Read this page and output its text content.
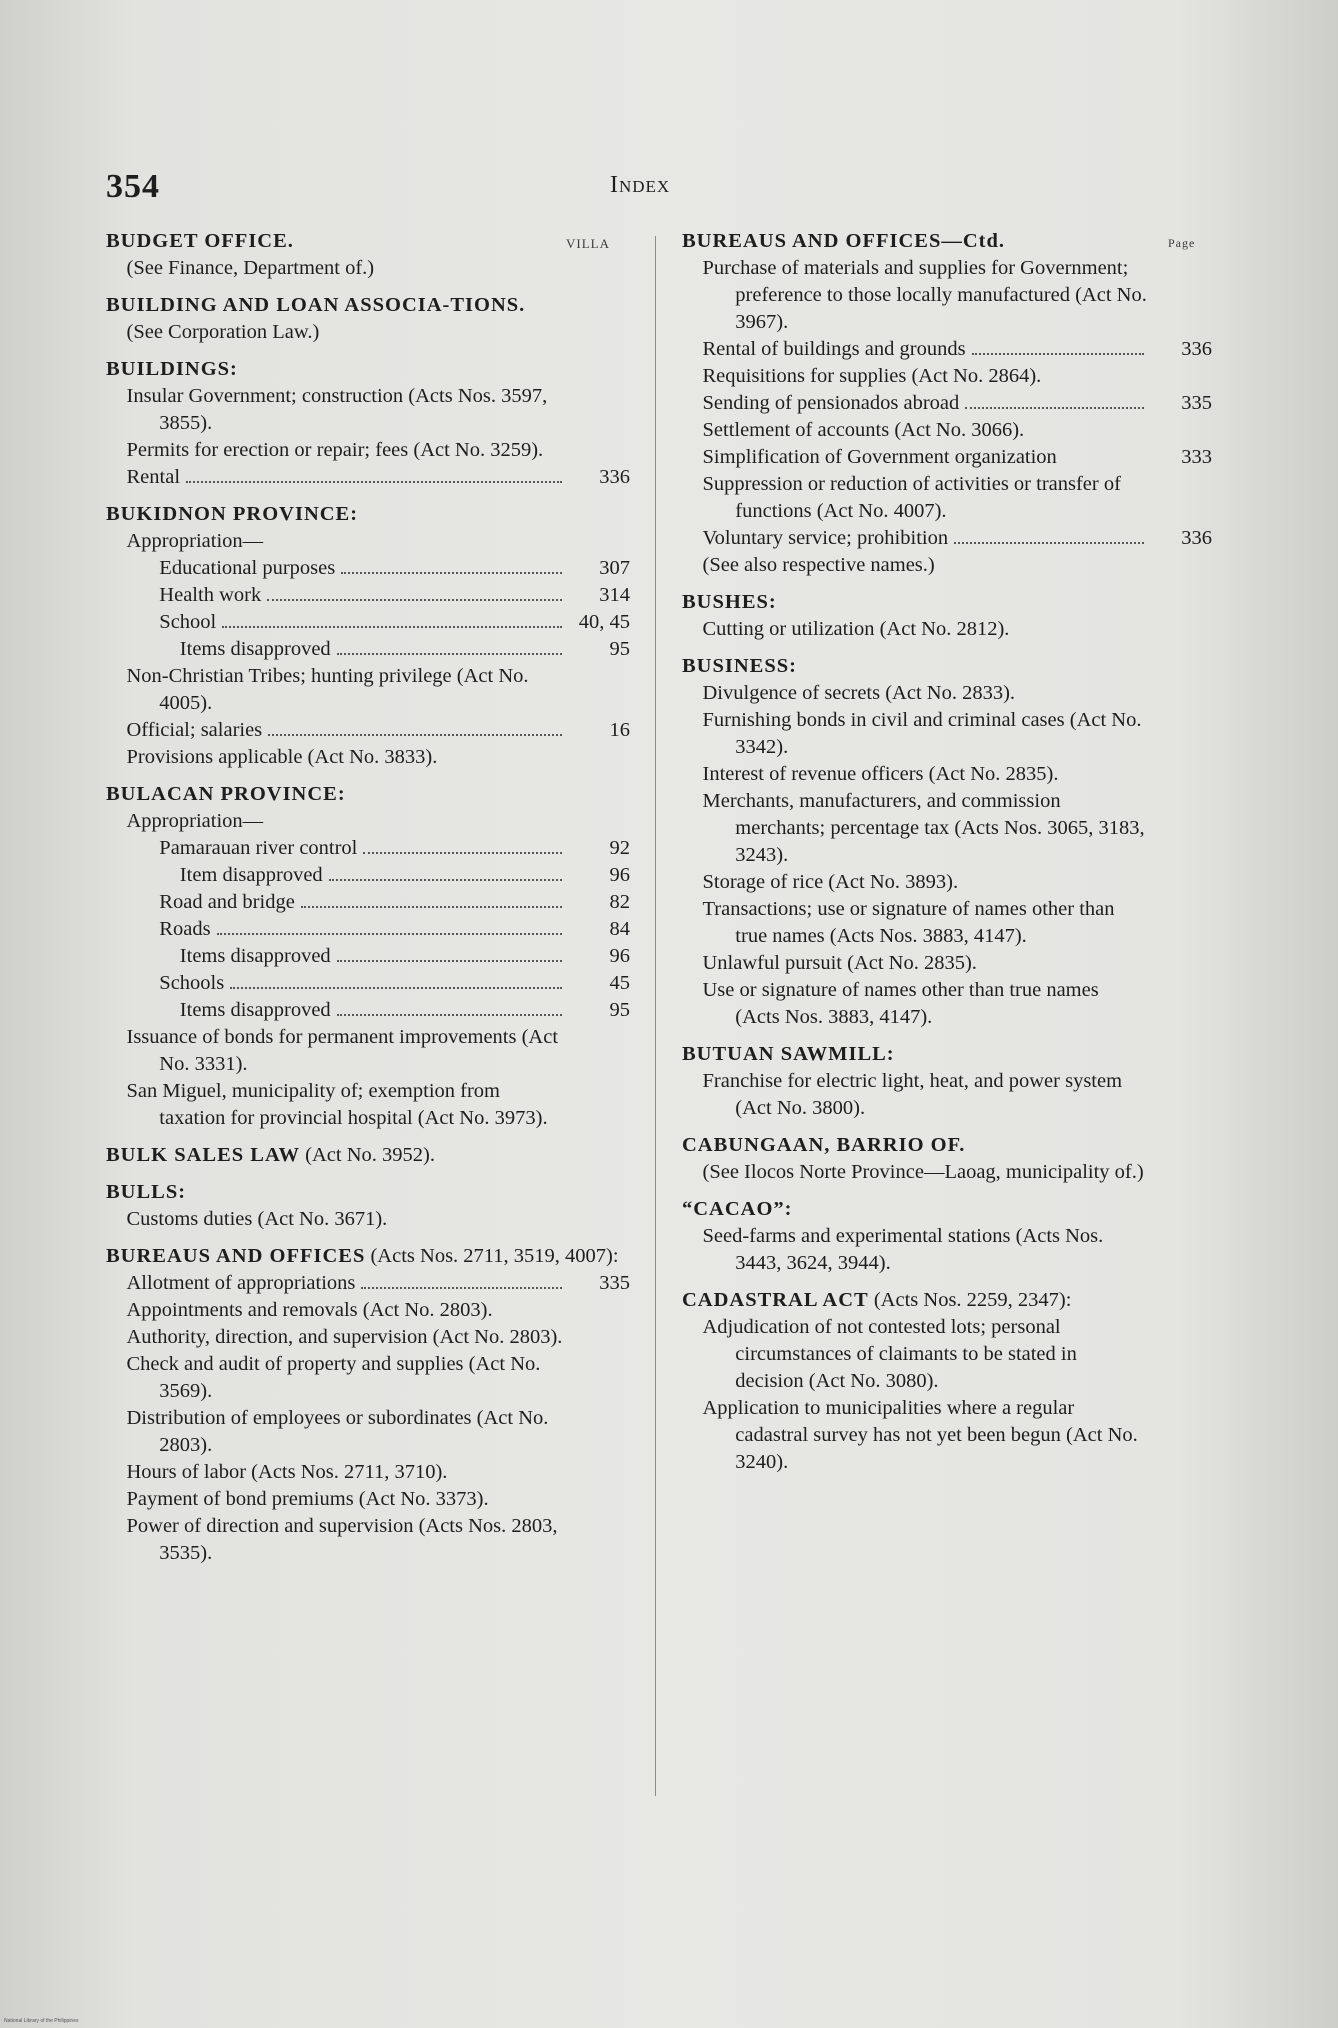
354	Index
VILLA	Page
BUDGET OFFICE.
(See Finance, Department of.)
BUILDING AND LOAN ASSOCIA-TIONS.
(See Corporation Law.)
BUILDINGS:
Insular Government; construction (Acts Nos. 3597, 3855).
Permits for erection or repair; fees (Act No. 3259).
Rental	336
BUKIDNON PROVINCE:
Appropriation—
Educational purposes	307
Health work	314
School	40, 45
Items disapproved	95
Non-Christian Tribes; hunting privilege (Act No. 4005).
Official; salaries	16
Provisions applicable (Act No. 3833).
BULACAN PROVINCE:
Appropriation—
Pamarauan river control	92
Item disapproved	96
Road and bridge	82
Roads	84
Items disapproved	96
Schools	45
Items disapproved	95
Issuance of bonds for permanent improvements (Act No. 3331).
San Miguel, municipality of; exemption from taxation for provincial hospital (Act No. 3973).
BULK SALES LAW (Act No. 3952).
BULLS:
Customs duties (Act No. 3671).
BUREAUS AND OFFICES (Acts Nos. 2711, 3519, 4007):
Allotment of appropriations	335
Appointments and removals (Act No. 2803).
Authority, direction, and supervision (Act No. 2803).
Check and audit of property and supplies (Act No. 3569).
Distribution of employees or subordinates (Act No. 2803).
Hours of labor (Acts Nos. 2711, 3710).
Payment of bond premiums (Act No. 3373).
Power of direction and supervision (Acts Nos. 2803, 3535).
BUREAUS AND OFFICES—Ctd.
Purchase of materials and supplies for Government; preference to those locally manufactured (Act No. 3967).
Rental of buildings and grounds	336
Requisitions for supplies (Act No. 2864).
Sending of pensionados abroad	335
Settlement of accounts (Act No. 3066).
Simplification of Government organization	333
Suppression or reduction of activities or transfer of functions (Act No. 4007).
Voluntary service; prohibition	336
(See also respective names.)
BUSHES:
Cutting or utilization (Act No. 2812).
BUSINESS:
Divulgence of secrets (Act No. 2833).
Furnishing bonds in civil and criminal cases (Act No. 3342).
Interest of revenue officers (Act No. 2835).
Merchants, manufacturers, and commission merchants; percentage tax (Acts Nos. 3065, 3183, 3243).
Storage of rice (Act No. 3893).
Transactions; use or signature of names other than true names (Acts Nos. 3883, 4147).
Unlawful pursuit (Act No. 2835).
Use or signature of names other than true names (Acts Nos. 3883, 4147).
BUTUAN SAWMILL:
Franchise for electric light, heat, and power system (Act No. 3800).
CABUNGAAN, BARRIO OF.
(See Ilocos Norte Province—Laoag, municipality of.)
“CACAO”:
Seed-farms and experimental stations (Acts Nos. 3443, 3624, 3944).
CADASTRAL ACT (Acts Nos. 2259, 2347):
Adjudication of not contested lots; personal circumstances of claimants to be stated in decision (Act No. 3080).
Application to municipalities where a regular cadastral survey has not yet been begun (Act No. 3240).
National Library of the Philippines
